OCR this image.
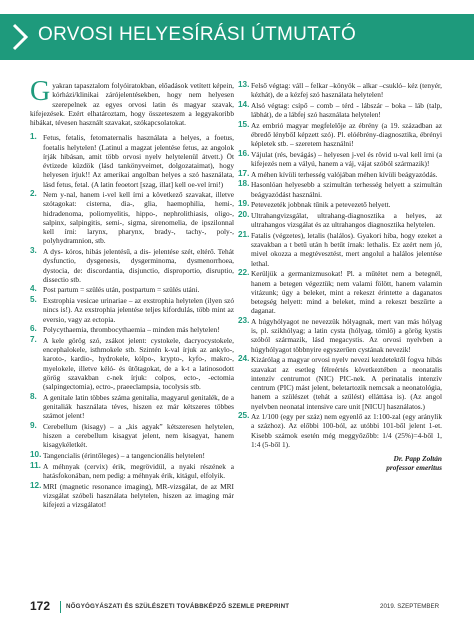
ORVOSI HELYESÍRÁSI ÚTMUTATÓ

Gyakran tapasztalom folyóiratokban, előadások vetített képein, kórházi/klinikai zárójelentésekben, hogy nem helyesen szerepelnek az egyes orvosi latin és magyar szavak, kifejezések. Ezért elhatároztam, hogy összeteszem a leggyakoribb hibákat, tévesen használt szavakat, szókapcsolatokat.

1. Fetus, fetalis, fetomaternalis használata a helyes, a foetus, foetalis helytelen! (Latinul a magzat jelentése fetus, az angolok írják hibásan, amit több orvosi nyelv helytelenül átvett.) Öt évtizede küzdök (lásd tankönyveimet, dolgozataimat), hogy helyesen írjuk!! Az amerikai angolban helyes a szó használata, lásd fetus, fetal. (A latin feoetort [szag, illat] kell oe-vel írni!)
2. Nem y-nal, hanem i-vel kell írni a következő szavakat, illetve szótagokat: cisterna, dia-, glia, haemophilia, hemi-, hidradenoma, poliomyelitis, hippo-, nephrolithiasis, oligo-, salpinx, salpingitis, semi-, sigma, sirenomelia, de ipszilonnal kell írni: larynx, pharynx, brady-, tachy-, poly-, polyhydramnion, stb.
3. A dys- kóros, hibás jelentésű, a dis- jelentése szét, eltérő. Tehát dysfunctio, dysgenesis, dysgerminoma, dysmenorrhoea, dystocia, de: discordantia, disjunctio, disproportio, disruptio, dissectio stb.
4. Post partum = szülés után, postpartum = szülés utáni.
5. Exstrophia vesicae urinariae – az exstrophia helytelen (ilyen szó nincs is!). Az exstrophia jelentése teljes kifordulás, több mint az eversio, vagy az ectopia.
6. Polycythaemia, thrombocythaemia – minden más helytelen!
7. A kele görög szó, zsákot jelent: cystokele, dacryocystokele, encephalokele, isthmokele stb. Szintén k-val írjuk az ankylo-, karoto-, kardio-, hydrokele, kólpo-, krypto-, kyfo-, makro-, myelokele, illetve kéló- és ütőtagokat, de a k-t a latinosodott görög szavakban c-nek írjuk: colpos, ecto-, -ectomia (salpingectomia), ectro-, praeeclampsia, tocolysis stb.
8. A genitale latin többes száma genitalia, magyarul genitalék, de a genitaliák használata téves, hiszen ez már kétszeres többes számot jelent!
9. Cerebellum (kisagy) – a „kis agyak” kétszeresen helytelen, hiszen a cerebellum kisagyat jelent, nem kisagyat, hanem kisagykéletkét.
10. Tangencialis (érintőleges) – a tangencionális helytelen!
11. A méhnyak (cervix) érik, megrövidül, a nyaki részének a hatásfokonában, nem pedig: a méhnyak érik, kitágul, elfolyik.
12. MRI (magnetic resonance imaging), MR-vizsgálat, de az MRI vizsgálat szóbeli használata helytelen, hiszen az imaging már kifejezi a vizsgálatot!
13. Felső végtag: váll – felkar –könyök – alkar –csukló– kéz (tenyér, kézhát), de a kézfej szó használata helytelen!
14. Alsó végtag: csípő – comb – térd - lábszár – boka – láb (talp, lábhát), de a lábfej szó használata helytelen!
15. Az embrió magyar megfelelője az ébrény (a 19. században az ébredő lénybőI képzett szó). Pl. elóébrény-diagnosztika, ébrényi képletek stb. – szeretem használni!
16. Vájulat (rés, bevágás) – helyesen j-vel és rövid u-val kell írni (a kifejezés nem a vályú, hanem a váj, vájat szóból származik)!
17. A méhen kívüli terhesség valójában méhen kívüli beágyazódás.
18. Hasonlóan helyesebb a szimultán terhesség helyett a szimultán beágyazódást használni.
19. Petevezeték jobbnak tűnik a petevezető helyett.
20. Ultrahangvizsgálat, ultrahang-diagnosztika a helyes, az ultrahangos vizsgálat és az ultrahangos diagnosztika helytelen.
21. Fatalis (végzetes), letalis (halálos). Gyakori hiba, hogy ezeket a szavakban a t betű után h betűt írnak: lethalis. Ez azért nem jó, mivel okozza a megtévesztést, mert angolul a halálos jelentése lethal.
22. Kerüljük a germanizmusokat! Pl. a műtétet nem a betegnél, hanem a betegen végeztük; nem valami fölött, hanem valamin vitázunk; úgy a beleket, mint a rekeszt érintette a daganatos betegség helyett: mind a beleket, mind a rekeszt beszűrte a daganat.
23. A húgyhólyagot ne nevezzük hólyagnak, mert van más hólyag is, pl. szikhólyag; a latin cysta (hólyag, tömlő) a görög kystis szóból származik, lásd megacystis. Az orvosi nyelvben a húgyhólyagot többnyire egyszerűen cystának nevezik!
24. Kizárólag a magyar orvosi nyelv nevezi kezdetektől fogva hibás szavakat az esetleg félreértés következtében a neonatalis intenzív centrumot (NIC) PIC-nek. A perinatalis intenzív centrum (PIC) mást jelent, beletartozik nemcsak a neonatológia, hanem a szülészet (tehát a szülést) elláttása is). (Az angol nyelvben neonatal intensive care unit [NICU] használatos.)
25. Az 1/100 (egy per száz) nem egyenlő az 1:100-zal (egy aránylik a százhoz). Az előbbi 100-ból, az utóbbi 101-ből jelent 1-et. Kisebb számok esetén még meggyőzőbb: 1/4 (25%)=4-ből 1, 1:4 (5-ből 1).
Dr. Papp Zoltán
professor emeritus
172	NŐGYÓGYÁSZATI ÉS SZÜLÉSZETI TOVÁBBKÉPZŐ SZEMLE PREPRINT	2019. SZEPTEMBER
